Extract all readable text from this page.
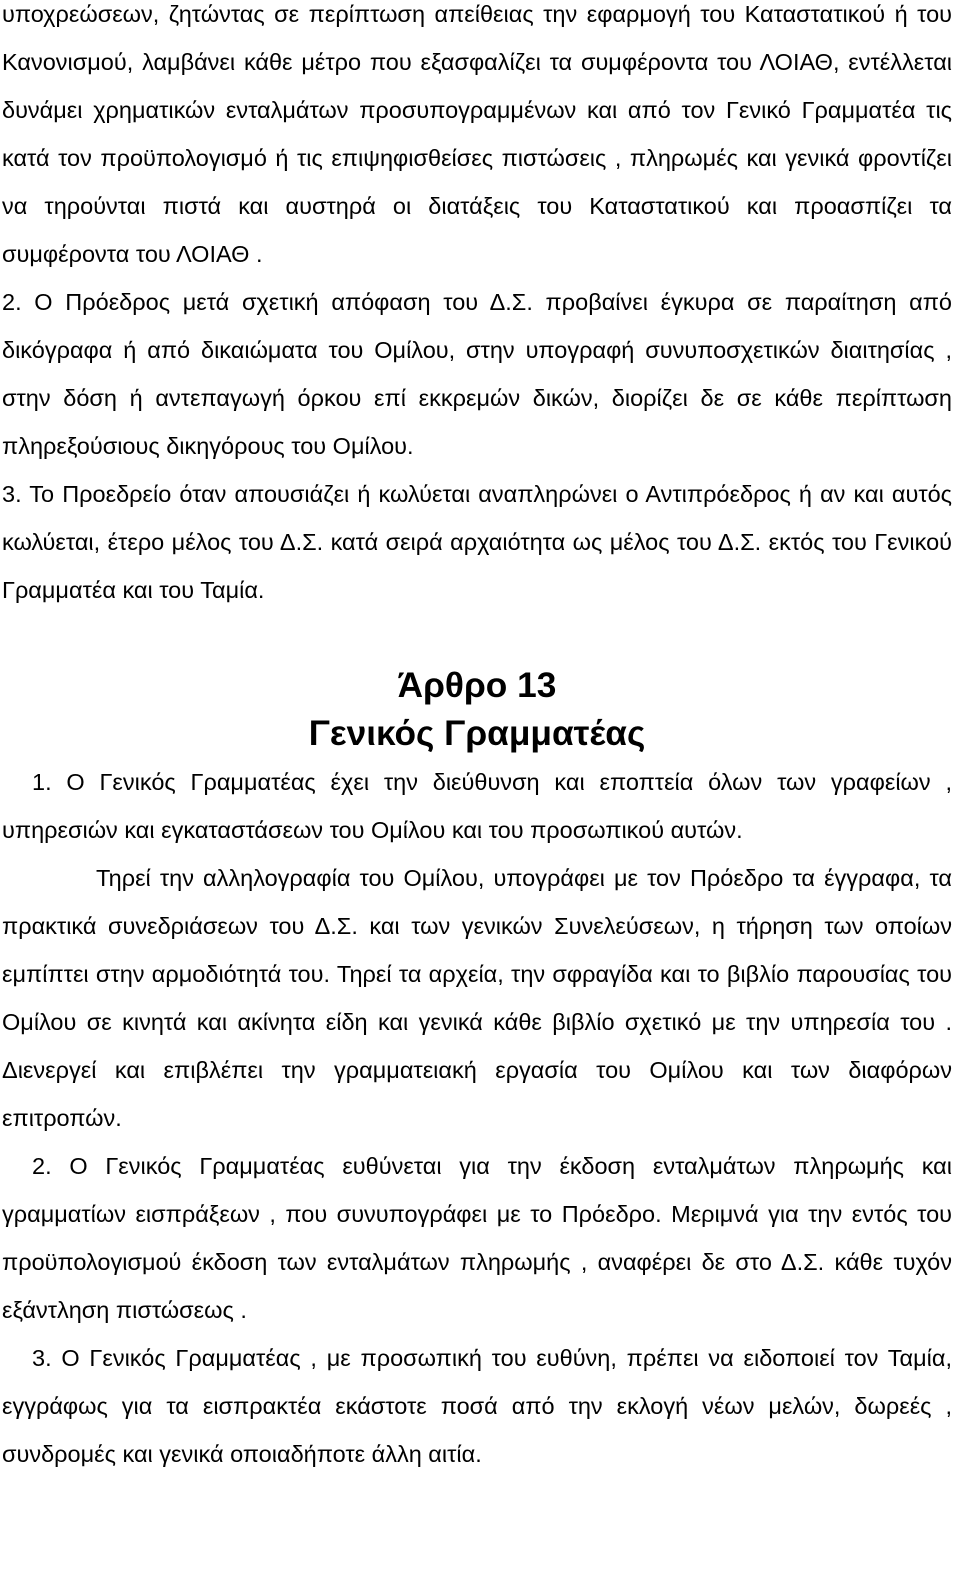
υποχρεώσεων, ζητώντας σε περίπτωση απείθειας την εφαρμογή του Καταστατικού ή του Κανονισμού, λαμβάνει κάθε μέτρο που εξασφαλίζει τα συμφέροντα του ΛΟΙΑΘ, εντέλλεται δυνάμει χρηματικών ενταλμάτων προσυπογραμμένων και από τον Γενικό Γραμματέα τις κατά τον προϋπολογισμό ή τις επιψηφισθείσες πιστώσεις , πληρωμές και γενικά φροντίζει να τηρούνται πιστά και αυστηρά οι διατάξεις του Καταστατικού και προασπίζει τα συμφέροντα του ΛΟΙΑΘ .

2. Ο Πρόεδρος μετά σχετική απόφαση του Δ.Σ. προβαίνει έγκυρα σε παραίτηση από δικόγραφα ή από δικαιώματα του Ομίλου, στην υπογραφή συνυποσχετικών διαιτησίας , στην δόση ή αντεπαγωγή όρκου επί εκκρεμών δικών, διορίζει δε σε κάθε περίπτωση πληρεξούσιους δικηγόρους του Ομίλου.

3. Το Προεδρείο όταν απουσιάζει ή κωλύεται αναπληρώνει ο Αντιπρόεδρος ή αν και αυτός κωλύεται, έτερο μέλος του Δ.Σ. κατά σειρά αρχαιότητα ως μέλος του Δ.Σ. εκτός του Γενικού Γραμματέα και του Ταμία.

Άρθρο 13
Γενικός Γραμματέας

1. Ο Γενικός Γραμματέας έχει την διεύθυνση και εποπτεία όλων των γραφείων , υπηρεσιών και εγκαταστάσεων του Ομίλου και του προσωπικού αυτών.

Τηρεί την αλληλογραφία του Ομίλου, υπογράφει με τον Πρόεδρο τα έγγραφα, τα πρακτικά συνεδριάσεων του Δ.Σ. και των γενικών Συνελεύσεων, η τήρηση των οποίων εμπίπτει στην αρμοδιότητά του. Τηρεί τα αρχεία, την σφραγίδα και το βιβλίο παρουσίας του Ομίλου σε κινητά και ακίνητα είδη και γενικά κάθε βιβλίο σχετικό με την υπηρεσία του . Διενεργεί και επιβλέπει την γραμματειακή εργασία του Ομίλου και των διαφόρων επιτροπών.

2. Ο Γενικός Γραμματέας ευθύνεται για την έκδοση ενταλμάτων πληρωμής και γραμματίων εισπράξεων , που συνυπογράφει με το Πρόεδρο. Μεριμνά για την εντός του προϋπολογισμού έκδοση των ενταλμάτων πληρωμής , αναφέρει δε στο Δ.Σ. κάθε τυχόν εξάντληση πιστώσεως .

3. Ο Γενικός Γραμματέας , με προσωπική του ευθύνη, πρέπει να ειδοποιεί τον Ταμία, εγγράφως για τα εισπρακτέα εκάστοτε ποσά από την εκλογή νέων μελών, δωρεές , συνδρομές και γενικά οποιαδήποτε άλλη αιτία.
